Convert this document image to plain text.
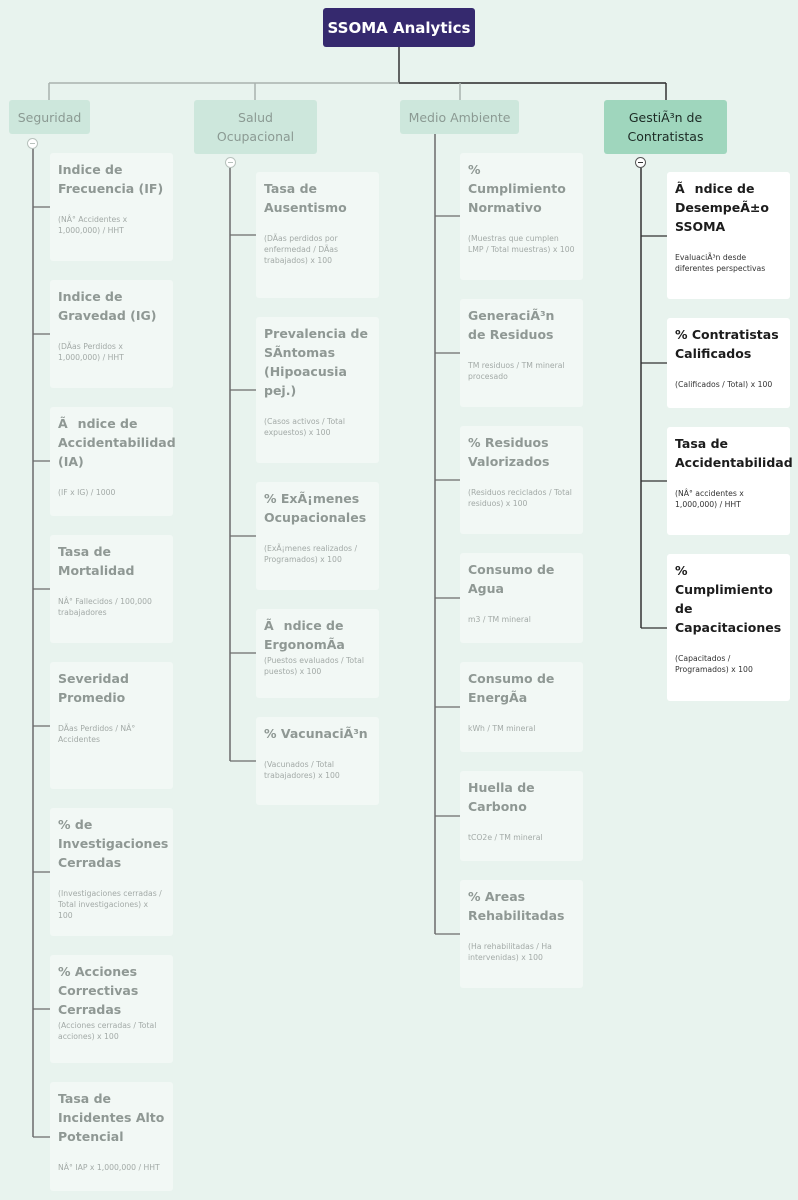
SSOMA Analytics
Seguridad	Salud Ocupacional
Medio Ambiente	GestiÃ³n de Contratistas
Indice de Frecuencia (IF)
(NÂ° Accidentes x 1,000,000) / HHT
Indice de Gravedad (IG)
(DÃas Perdidos x 1,000,000) / HHT
Ãndice de Accidentabilidad (IA)
(IF x IG) / 1000
Tasa de Mortalidad
NÂ° Fallecidos / 100,000 trabajadores
Severidad Promedio
DÃas Perdidos / NÂ° Accidentes
% de Investigaciones Cerradas
(Investigaciones cerradas / Total investigaciones) x 100
% Acciones Correctivas Cerradas
(Acciones cerradas / Total acciones) x 100
Tasa de Incidentes Alto Potencial
NÂ° IAP x 1,000,000 / HHT
Tasa de Ausentismo
(DÃas perdidos por enfermedad / DÃas trabajados) x 100
Prevalencia de SÃntomas (Hipoacusia pej.)
(Casos activos / Total expuestos) x 100
% ExÃ¡menes Ocupacionales
(ExÃ¡menes realizados / Programados) x 100
Ãndice de ErgonomÃa
(Puestos evaluados / Total puestos) x 100
% VacunaciÃ³n
(Vacunados / Total trabajadores) x 100
% Cumplimiento Normativo
(Muestras que cumplen LMP / Total muestras) x 100
GeneraciÃ³n de Residuos
TM residuos / TM mineral procesado
% Residuos Valorizados
(Residuos reciclados / Total residuos) x 100
Consumo de Agua
m3 / TM mineral
Consumo de EnergÃa
kWh / TM mineral
Huella de Carbono
tCO2e / TM mineral
% Areas Rehabilitadas
(Ha rehabilitadas / Ha intervenidas) x 100
Ãndice de DesempeÃ±o SSOMA
EvaluaciÃ³n desde diferentes perspectivas
% Contratistas Calificados
(Calificados / Total) x 100
Tasa de Accidentabilidad
(NÂ° accidentes x 1,000,000) / HHT
% Cumplimiento de Capacitaciones
(Capacitados / Programados) x 100
